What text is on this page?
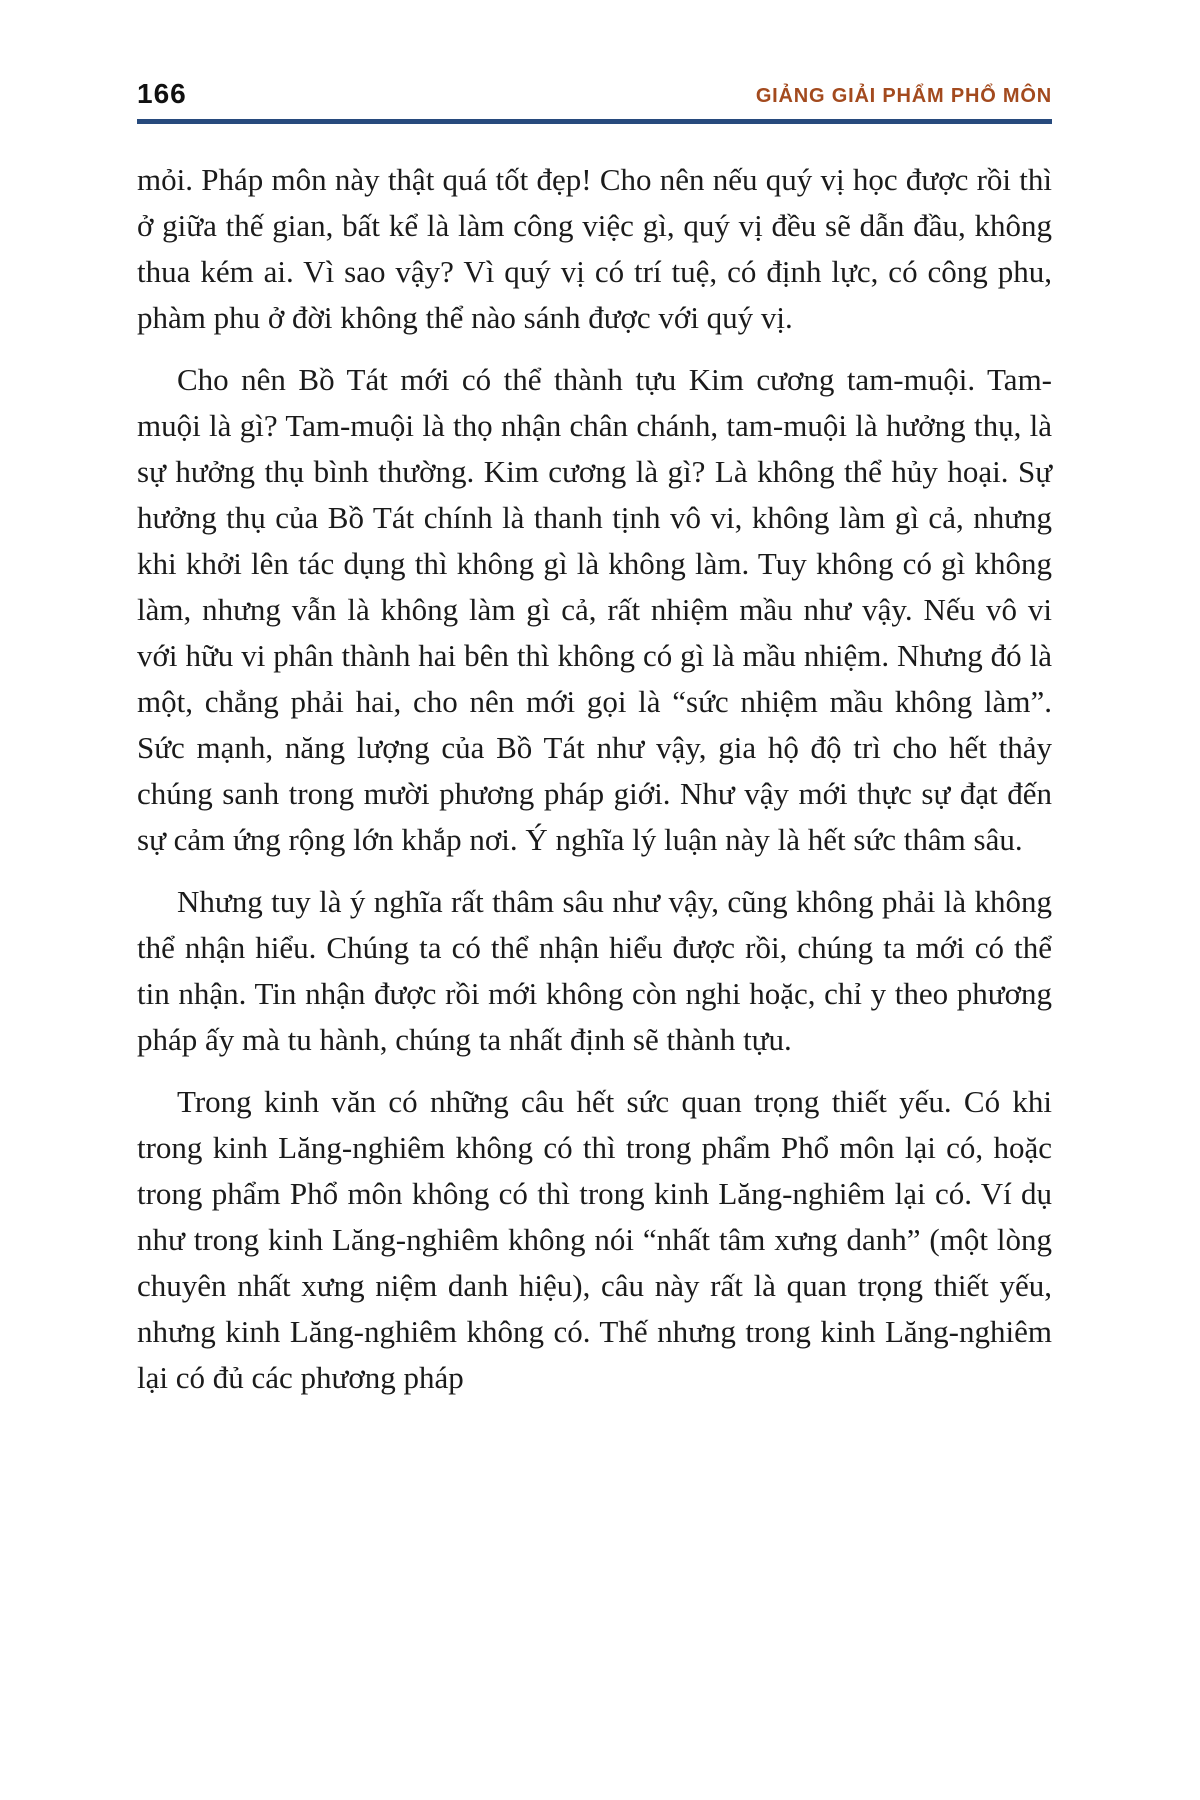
166	GIẢNG GIẢI PHẨM PHỔ MÔN

mỏi. Pháp môn này thật quá tốt đẹp! Cho nên nếu quý vị học được rồi thì ở giữa thế gian, bất kể là làm công việc gì, quý vị đều sẽ dẫn đầu, không thua kém ai. Vì sao vậy? Vì quý vị có trí tuệ, có định lực, có công phu, phàm phu ở đời không thể nào sánh được với quý vị.

Cho nên Bồ Tát mới có thể thành tựu Kim cương tam-muội. Tam-muội là gì? Tam-muội là thọ nhận chân chánh, tam-muội là hưởng thụ, là sự hưởng thụ bình thường. Kim cương là gì? Là không thể hủy hoại. Sự hưởng thụ của Bồ Tát chính là thanh tịnh vô vi, không làm gì cả, nhưng khi khởi lên tác dụng thì không gì là không làm. Tuy không có gì không làm, nhưng vẫn là không làm gì cả, rất nhiệm mầu như vậy. Nếu vô vi với hữu vi phân thành hai bên thì không có gì là mầu nhiệm. Nhưng đó là một, chẳng phải hai, cho nên mới gọi là “sức nhiệm mầu không làm”. Sức mạnh, năng lượng của Bồ Tát như vậy, gia hộ độ trì cho hết thảy chúng sanh trong mười phương pháp giới. Như vậy mới thực sự đạt đến sự cảm ứng rộng lớn khắp nơi. Ý nghĩa lý luận này là hết sức thâm sâu.

Nhưng tuy là ý nghĩa rất thâm sâu như vậy, cũng không phải là không thể nhận hiểu. Chúng ta có thể nhận hiểu được rồi, chúng ta mới có thể tin nhận. Tin nhận được rồi mới không còn nghi hoặc, chỉ y theo phương pháp ấy mà tu hành, chúng ta nhất định sẽ thành tựu.

Trong kinh văn có những câu hết sức quan trọng thiết yếu. Có khi trong kinh Lăng-nghiêm không có thì trong phẩm Phổ môn lại có, hoặc trong phẩm Phổ môn không có thì trong kinh Lăng-nghiêm lại có. Ví dụ như trong kinh Lăng-nghiêm không nói “nhất tâm xưng danh” (một lòng chuyên nhất xưng niệm danh hiệu), câu này rất là quan trọng thiết yếu, nhưng kinh Lăng-nghiêm không có. Thế nhưng trong kinh Lăng-nghiêm lại có đủ các phương pháp
